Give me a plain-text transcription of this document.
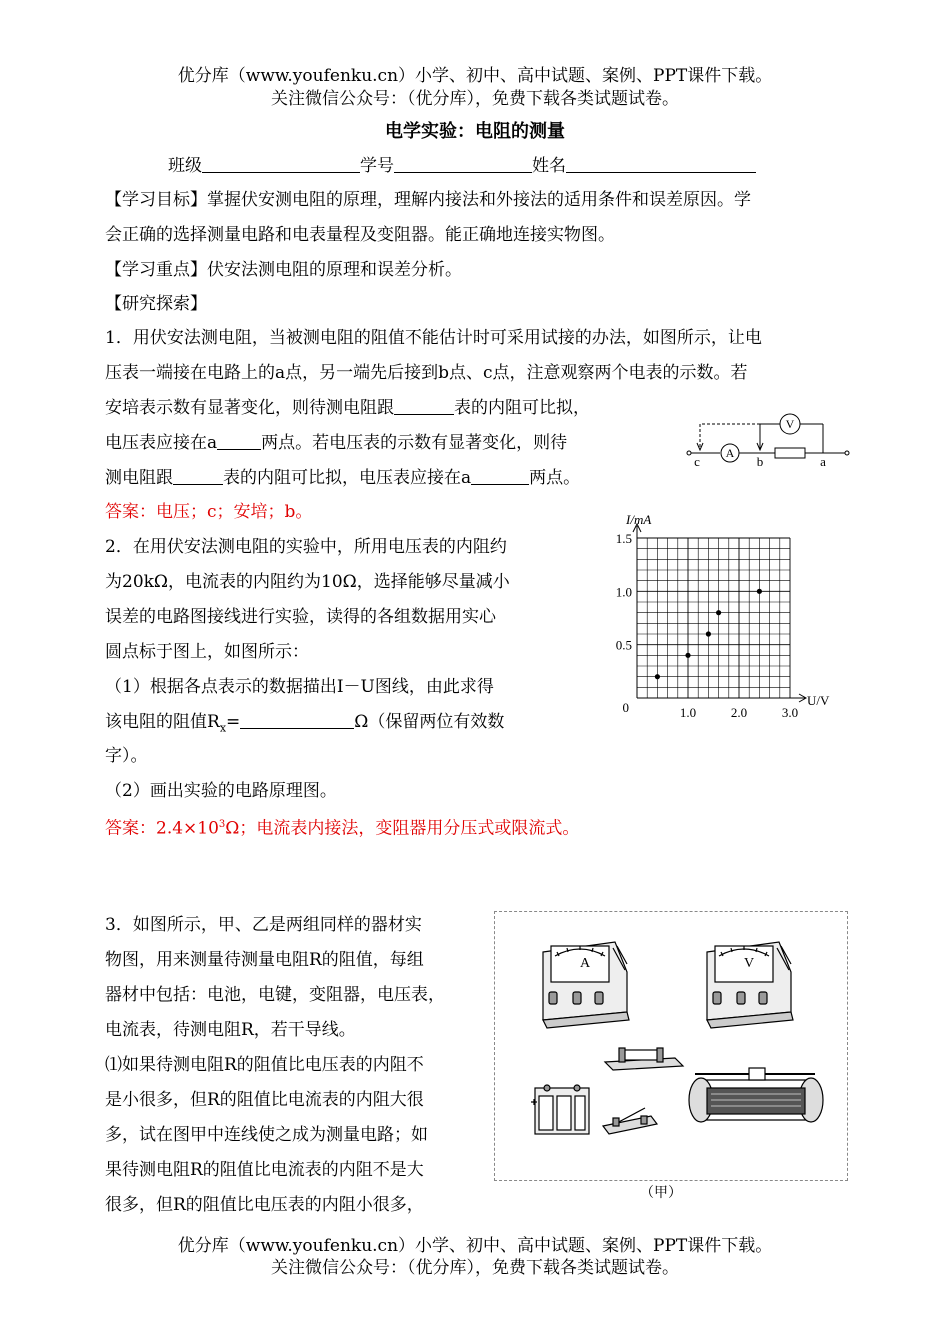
优分库（www.youfenku.cn）小学、初中、高中试题、案例、PPT课件下载。
关注微信公众号：（优分库），免费下载各类试题试卷。
电学实验：电阻的测量
班级	学号	姓名
【学习目标】掌握伏安测电阻的原理，理解内接法和外接法的适用条件和误差原因。学
会正确的选择测量电路和电表量程及变阻器。能正确地连接实物图。
【学习重点】伏安法测电阻的原理和误差分析。
【研究探索】
1．用伏安法测电阻，当被测电阻的阻值不能估计时可采用试接的办法，如图所示，让电
压表一端接在电路上的a点，另一端先后接到b点、c点，注意观察两个电表的示数。若
安培表示数有显著变化，则待测电阻跟	表的内阻可比拟，
电压表应接在a	两点。若电压表的示数有显著变化，则待
测电阻跟	表的内阻可比拟，电压表应接在a	两点。
答案：电压；c；安培；b。
A
V
c	b	a
2．在用伏安法测电阻的实验中，所用电压表的内阻约
为20kΩ，电流表的内阻约为10Ω，选择能够尽量减小
误差的电路图接线进行实验，读得的各组数据用实心
圆点标于图上，如图所示：
（1）根据各点表示的数据描出I－U图线，由此求得
该电阻的阻值$R_x=$	Ω（保留两位有效数
字）。
（2）画出实验的电路原理图。
答案：$2.4\times 10^3\Omega$；电流表内接法，变阻器用分压式或限流式。
1.0	2.0	3.0
0.5
1.0
1.5
0
I/mA
U/V
3．如图所示，甲、乙是两组同样的器材实
物图，用来测量待测量电阻R的阻值，每组
器材中包括：电池，电键，变阻器，电压表，
电流表，待测电阻R，若干导线。
⑴如果待测电阻R的阻值比电压表的内阻不
是小很多，但R的阻值比电流表的内阻大很
多，试在图甲中连线使之成为测量电路；如
果待测电阻R的阻值比电流表的内阻不是大
很多，但R的阻值比电压表的内阻小很多，
A	V
（甲）
优分库（www.youfenku.cn）小学、初中、高中试题、案例、PPT课件下载。
关注微信公众号：（优分库），免费下载各类试题试卷。
